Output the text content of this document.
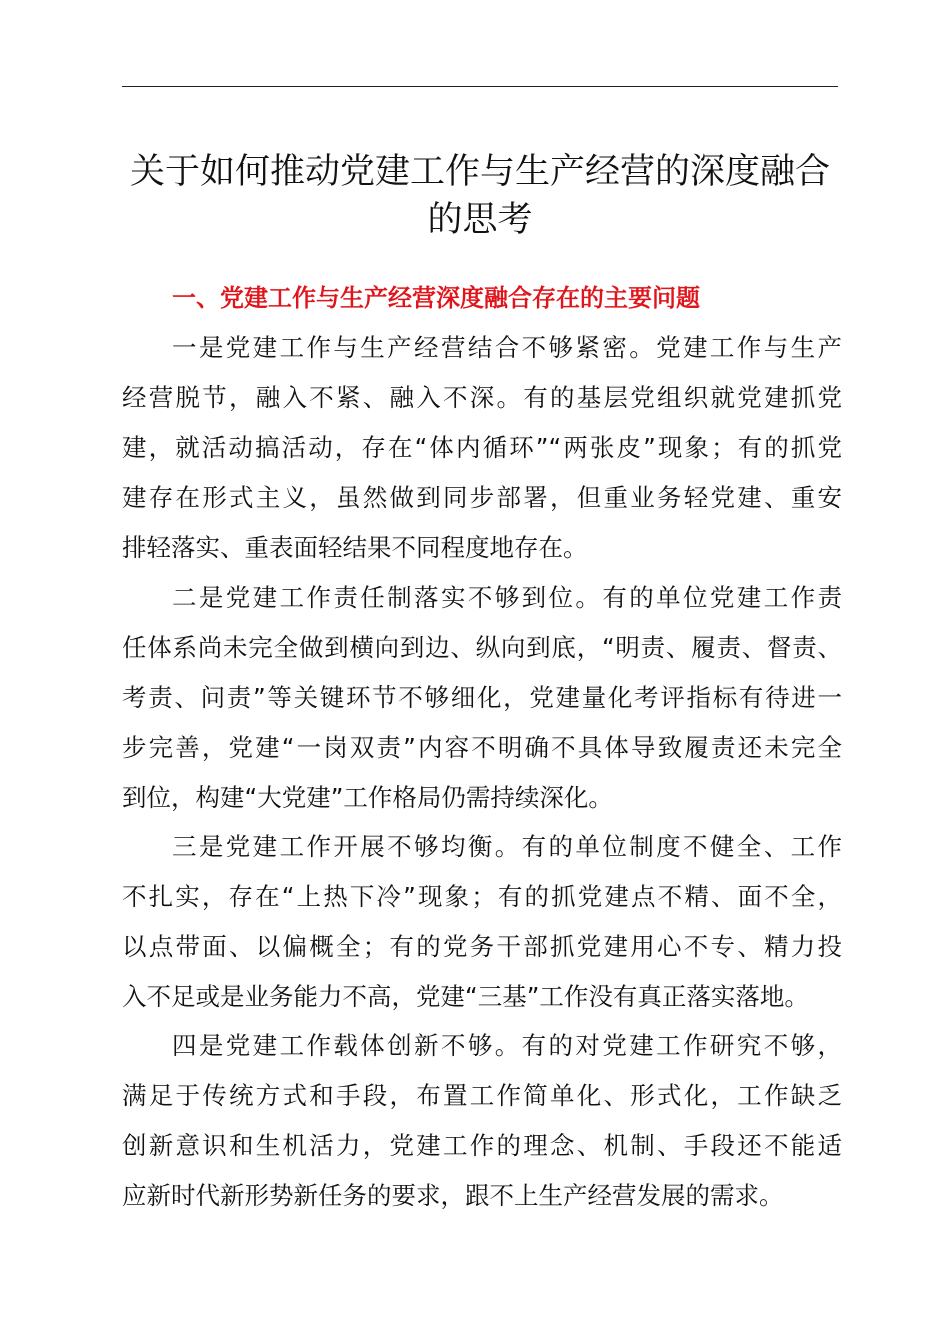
关于如何推动党建工作与生产经营的深度融合
的思考
一、党建工作与生产经营深度融合存在的主要问题
一是党建工作与生产经营结合不够紧密。党建工作与生产
经营脱节，融入不紧、融入不深。有的基层党组织就党建抓党
建，就活动搞活动，存在“体内循环”“两张皮”现象；有的抓党
建存在形式主义，虽然做到同步部署，但重业务轻党建、重安
排轻落实、重表面轻结果不同程度地存在。
二是党建工作责任制落实不够到位。有的单位党建工作责
任体系尚未完全做到横向到边、纵向到底，“明责、履责、督责、
考责、问责”等关键环节不够细化，党建量化考评指标有待进一
步完善，党建“一岗双责”内容不明确不具体导致履责还未完全
到位，构建“大党建”工作格局仍需持续深化。
三是党建工作开展不够均衡。有的单位制度不健全、工作
不扎实，存在“上热下冷”现象；有的抓党建点不精、面不全，
以点带面、以偏概全；有的党务干部抓党建用心不专、精力投
入不足或是业务能力不高，党建“三基”工作没有真正落实落地。
四是党建工作载体创新不够。有的对党建工作研究不够，
满足于传统方式和手段，布置工作简单化、形式化，工作缺乏
创新意识和生机活力，党建工作的理念、机制、手段还不能适
应新时代新形势新任务的要求，跟不上生产经营发展的需求。
